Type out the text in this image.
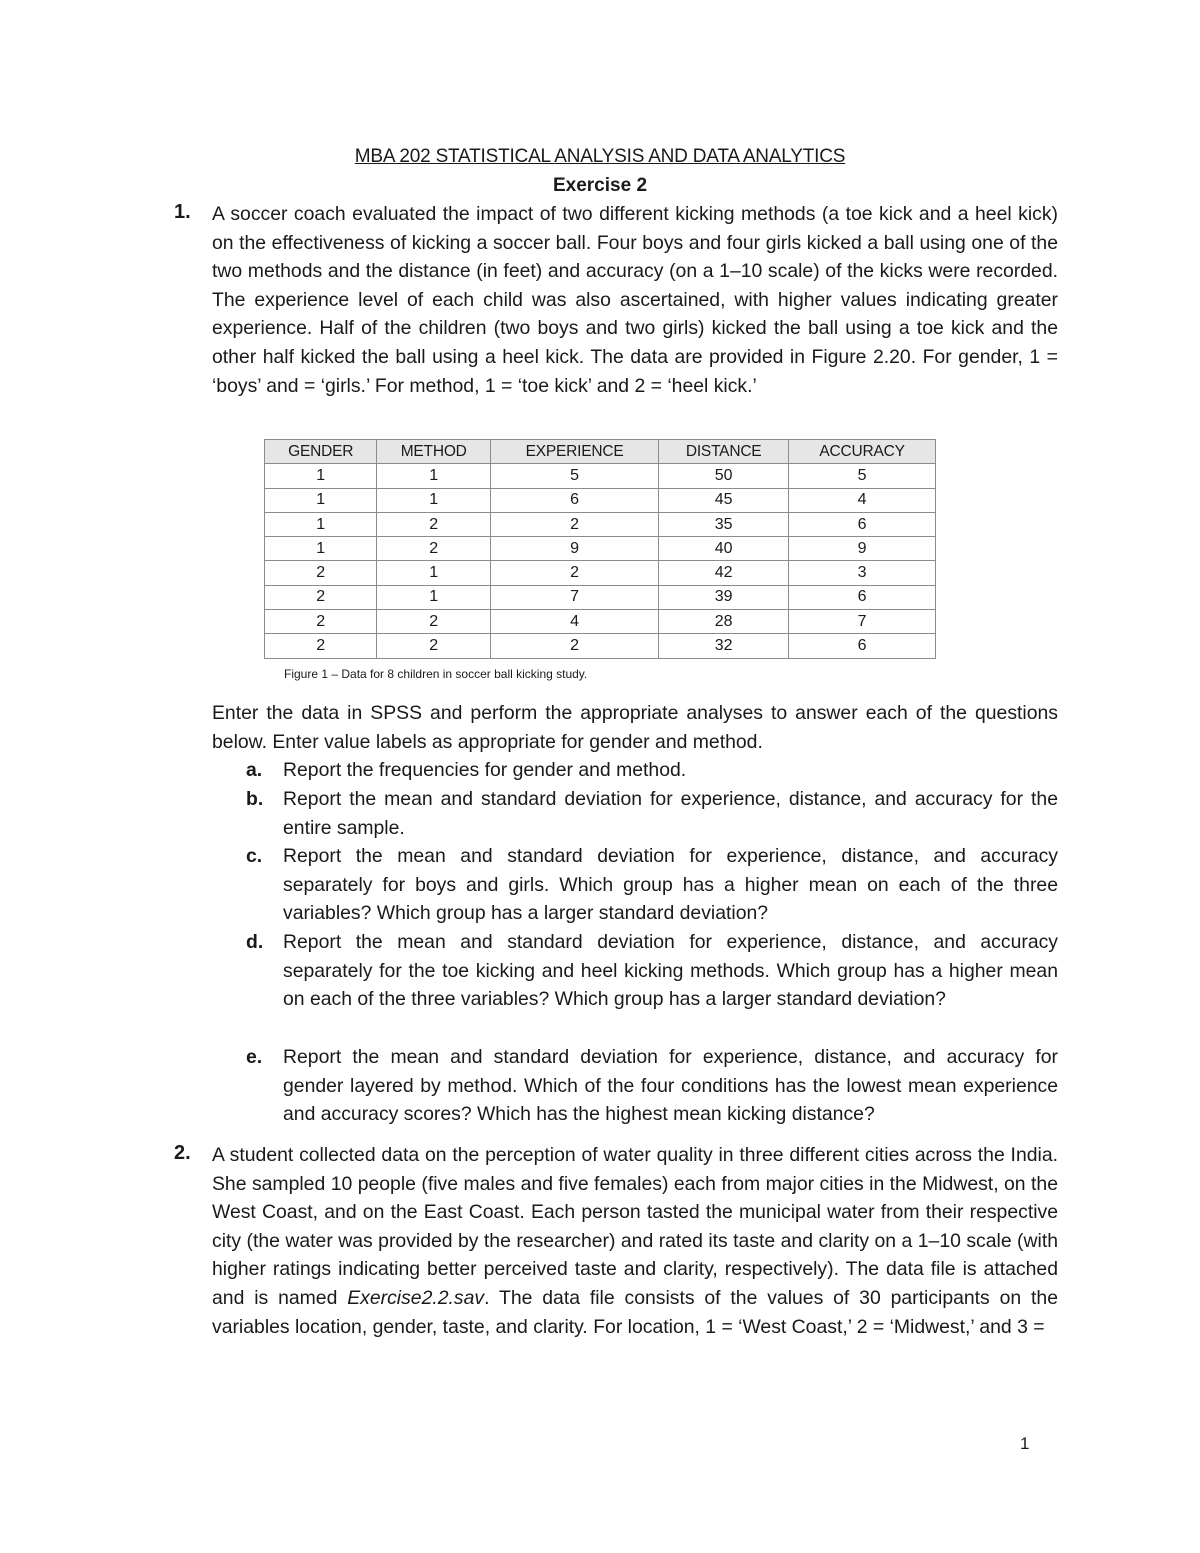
MBA 202 STATISTICAL ANALYSIS AND DATA ANALYTICS
Exercise 2
1. A soccer coach evaluated the impact of two different kicking methods (a toe kick and a heel kick) on the effectiveness of kicking a soccer ball. Four boys and four girls kicked a ball using one of the two methods and the distance (in feet) and accuracy (on a 1–10 scale) of the kicks were recorded. The experience level of each child was also ascertained, with higher values indicating greater experience. Half of the children (two boys and two girls) kicked the ball using a toe kick and the other half kicked the ball using a heel kick. The data are provided in Figure 2.20. For gender, 1 = ‘boys’ and = ‘girls.’ For method, 1 = ‘toe kick’ and 2 = ‘heel kick.’

GENDER	METHOD	EXPERIENCE	DISTANCE	ACCURACY
1	1	5	50	5
1	1	6	45	4
1	2	2	35	6
1	2	9	40	9
2	1	2	42	3
2	1	7	39	6
2	2	4	28	7
2	2	2	32	6
Figure 1 – Data for 8 children in soccer ball kicking study.

Enter the data in SPSS and perform the appropriate analyses to answer each of the questions below. Enter value labels as appropriate for gender and method.

a. Report the frequencies for gender and method.
b. Report the mean and standard deviation for experience, distance, and accuracy for the entire sample.
c. Report the mean and standard deviation for experience, distance, and accuracy separately for boys and girls. Which group has a higher mean on each of the three variables? Which group has a larger standard deviation?
d. Report the mean and standard deviation for experience, distance, and accuracy separately for the toe kicking and heel kicking methods. Which group has a higher mean on each of the three variables? Which group has a larger standard deviation?
e. Report the mean and standard deviation for experience, distance, and accuracy for gender layered by method. Which of the four conditions has the lowest mean experience and accuracy scores? Which has the highest mean kicking distance?
2. A student collected data on the perception of water quality in three different cities across the India. She sampled 10 people (five males and five females) each from major cities in the Midwest, on the West Coast, and on the East Coast. Each person tasted the municipal water from their respective city (the water was provided by the researcher) and rated its taste and clarity on a 1–10 scale (with higher ratings indicating better perceived taste and clarity, respectively). The data file is attached and is named Exercise2.2.sav. The data file consists of the values of 30 participants on the variables location, gender, taste, and clarity. For location, 1 = ‘West Coast,’ 2 = ‘Midwest,’ and 3 =

1
